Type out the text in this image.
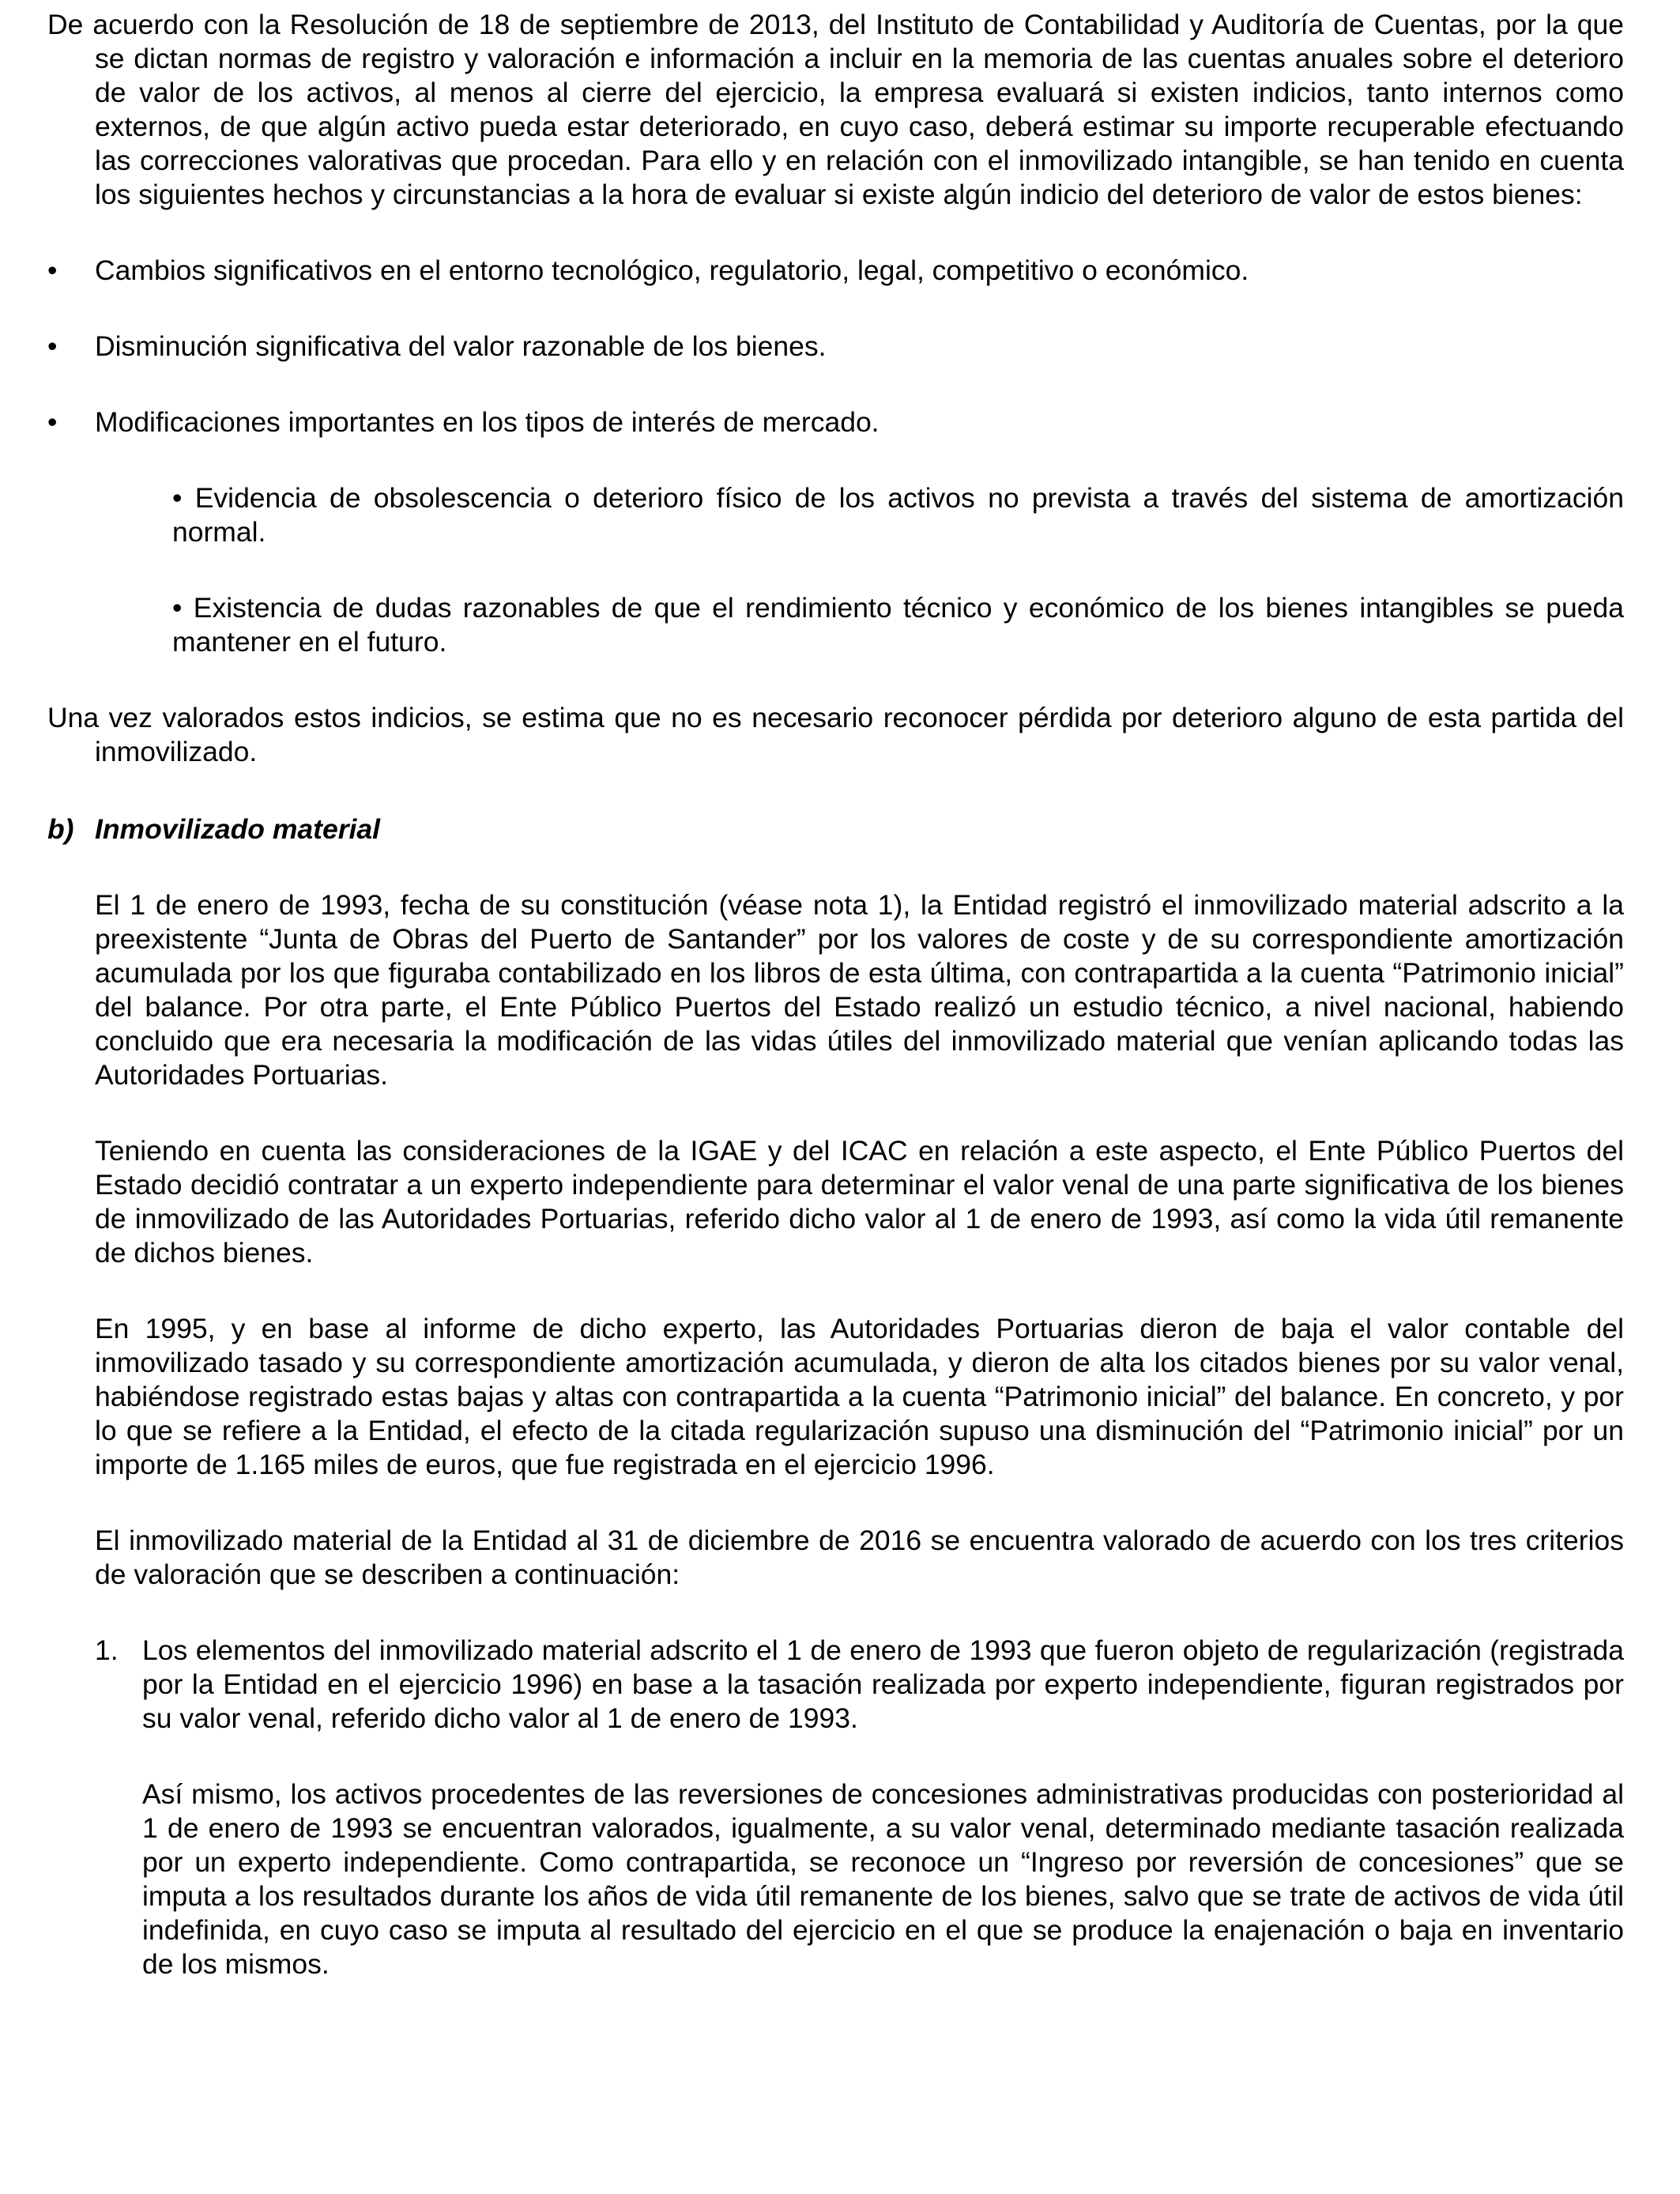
De acuerdo con la Resolución de 18 de septiembre de 2013, del Instituto de Contabilidad y Auditoría de Cuentas, por la que se dictan normas de registro y valoración e información a incluir en la memoria de las cuentas anuales sobre el deterioro de valor de los activos, al menos al cierre del ejercicio, la empresa evaluará si existen indicios, tanto internos como externos, de que algún activo pueda estar deteriorado, en cuyo caso, deberá estimar su importe recuperable efectuando las correcciones valorativas que procedan. Para ello y en relación con el inmovilizado intangible, se han tenido en cuenta los siguientes hechos y circunstancias a la hora de evaluar si existe algún indicio del deterioro de valor de estos bienes:

• Cambios significativos en el entorno tecnológico, regulatorio, legal, competitivo o económico.
• Disminución significativa del valor razonable de los bienes.
• Modificaciones importantes en los tipos de interés de mercado.

• Evidencia de obsolescencia o deterioro físico de los activos no prevista a través del sistema de amortización normal.

• Existencia de dudas razonables de que el rendimiento técnico y económico de los bienes intangibles se pueda mantener en el futuro.

Una vez valorados estos indicios, se estima que no es necesario reconocer pérdida por deterioro alguno de esta partida del inmovilizado.

b) Inmovilizado material

El 1 de enero de 1993, fecha de su constitución (véase nota 1), la Entidad registró el inmovilizado material adscrito a la preexistente “Junta de Obras del Puerto de Santander” por los valores de coste y de su correspondiente amortización acumulada por los que figuraba contabilizado en los libros de esta última, con contrapartida a la cuenta “Patrimonio inicial” del balance. Por otra parte, el Ente Público Puertos del Estado realizó un estudio técnico, a nivel nacional, habiendo concluido que era necesaria la modificación de las vidas útiles del inmovilizado material que venían aplicando todas las Autoridades Portuarias.

Teniendo en cuenta las consideraciones de la IGAE y del ICAC en relación a este aspecto, el Ente Público Puertos del Estado decidió contratar a un experto independiente para determinar el valor venal de una parte significativa de los bienes de inmovilizado de las Autoridades Portuarias, referido dicho valor al 1 de enero de 1993, así como la vida útil remanente de dichos bienes.

En 1995, y en base al informe de dicho experto, las Autoridades Portuarias dieron de baja el valor contable del inmovilizado tasado y su correspondiente amortización acumulada, y dieron de alta los citados bienes por su valor venal, habiéndose registrado estas bajas y altas con contrapartida a la cuenta “Patrimonio inicial” del balance. En concreto, y por lo que se refiere a la Entidad, el efecto de la citada regularización supuso una disminución del “Patrimonio inicial” por un importe de 1.165 miles de euros, que fue registrada en el ejercicio 1996.

El inmovilizado material de la Entidad al 31 de diciembre de 2016 se encuentra valorado de acuerdo con los tres criterios de valoración que se describen a continuación:

1. Los elementos del inmovilizado material adscrito el 1 de enero de 1993 que fueron objeto de regularización (registrada por la Entidad en el ejercicio 1996) en base a la tasación realizada por experto independiente, figuran registrados por su valor venal, referido dicho valor al 1 de enero de 1993.

Así mismo, los activos procedentes de las reversiones de concesiones administrativas producidas con posterioridad al 1 de enero de 1993 se encuentran valorados, igualmente, a su valor venal, determinado mediante tasación realizada por un experto independiente. Como contrapartida, se reconoce un “Ingreso por reversión de concesiones” que se imputa a los resultados durante los años de vida útil remanente de los bienes, salvo que se trate de activos de vida útil indefinida, en cuyo caso se imputa al resultado del ejercicio en el que se produce la enajenación o baja en inventario de los mismos.
